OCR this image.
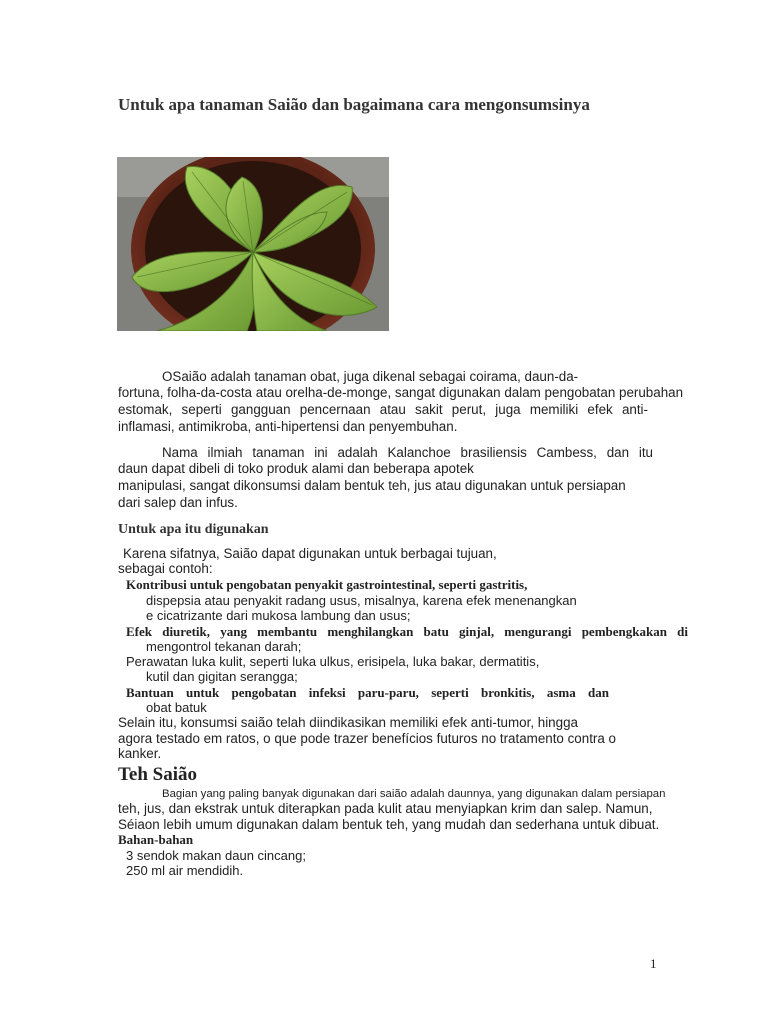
Untuk apa tanaman Saião dan bagaimana cara mengonsumsinya
OSaião adalah tanaman obat, juga dikenal sebagai coirama, daun-da-
fortuna, folha-da-costa atau orelha-de-monge, sangat digunakan dalam pengobatan perubahan
estomak, seperti gangguan pencernaan atau sakit perut, juga memiliki efek anti-
inflamasi, antimikroba, anti-hipertensi dan penyembuhan.
Nama ilmiah tanaman ini adalah Kalanchoe brasiliensis Cambess, dan itu
daun dapat dibeli di toko produk alami dan beberapa apotek
manipulasi, sangat dikonsumsi dalam bentuk teh, jus atau digunakan untuk persiapan
dari salep dan infus.
Untuk apa itu digunakan
Karena sifatnya, Saião dapat digunakan untuk berbagai tujuan,
sebagai contoh:
Kontribusi untuk pengobatan penyakit gastrointestinal, seperti gastritis,
dispepsia atau penyakit radang usus, misalnya, karena efek menenangkan
e cicatrizante dari mukosa lambung dan usus;
Efek diuretik, yang membantu menghilangkan batu ginjal, mengurangi pembengkakan di
mengontrol tekanan darah;
Perawatan luka kulit, seperti luka ulkus, erisipela, luka bakar, dermatitis,
kutil dan gigitan serangga;
Bantuan untuk pengobatan infeksi paru-paru, seperti bronkitis, asma dan
obat batuk
Selain itu, konsumsi saião telah diindikasikan memiliki efek anti-tumor, hingga
agora testado em ratos, o que pode trazer benefícios futuros no tratamento contra o
kanker.
Teh Saião
Bagian yang paling banyak digunakan dari saião adalah daunnya, yang digunakan dalam persiapan
teh, jus, dan ekstrak untuk diterapkan pada kulit atau menyiapkan krim dan salep. Namun,
Séiaon lebih umum digunakan dalam bentuk teh, yang mudah dan sederhana untuk dibuat.
Bahan-bahan
3 sendok makan daun cincang;
250 ml air mendidih.
1
